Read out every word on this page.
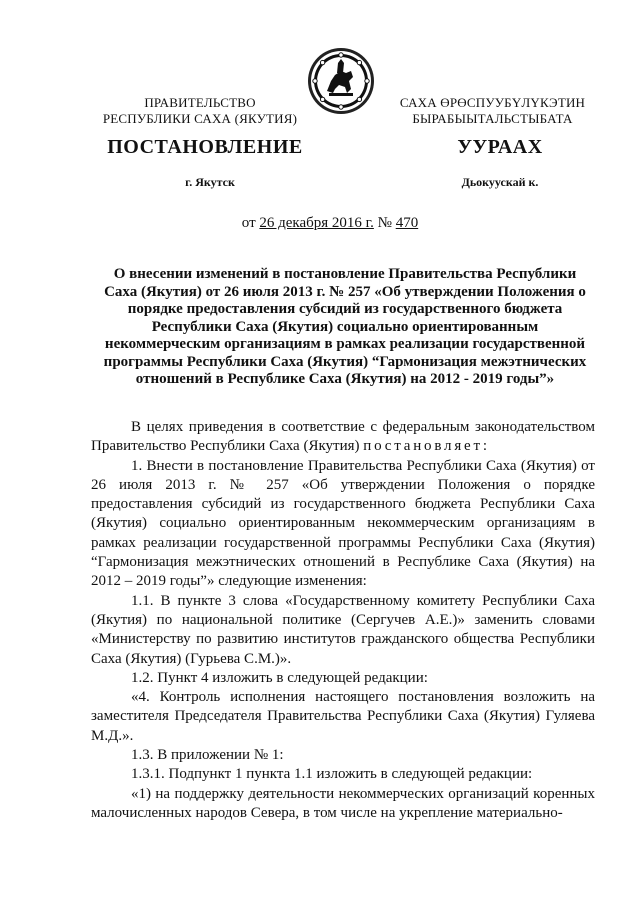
ПРАВИТЕЛЬСТВО
РЕСПУБЛИКИ САХА (ЯКУТИЯ)
САХА ӨРӨСПУУБҮЛҮКЭТИН
БЫРАБЫЫТАЛЬСТЫБАТА
ПОСТАНОВЛЕНИЕ	УУРААХ
г. Якутск	Дьокуускай к.
от 26 декабря 2016 г. № 470
О внесении изменений в постановление Правительства Республики
Саха (Якутия) от 26 июля 2013 г. № 257 «Об утверждении Положения о
порядке предоставления субсидий из государственного бюджета
Республики Саха (Якутия) социально ориентированным
некоммерческим организациям в рамках реализации государственной
программы Республики Саха (Якутия) “Гармонизация межэтнических
отношений в Республике Саха (Якутия) на 2012 - 2019 годы”»

В целях приведения в соответствие с федеральным законодательством Правительство Республики Саха (Якутия) постановляет:

1. Внести в постановление Правительства Республики Саха (Якутия) от 26 июля 2013 г. № 257 «Об утверждении Положения о порядке предоставления субсидий из государственного бюджета Республики Саха (Якутия) социально ориентированным некоммерческим организациям в рамках реализации государственной программы Республики Саха (Якутия) “Гармонизация межэтнических отношений в Республике Саха (Якутия) на 2012 – 2019 годы”» следующие изменения:

1.1. В пункте 3 слова «Государственному комитету Республики Саха (Якутия) по национальной политике (Сергучев А.Е.)» заменить словами «Министерству по развитию институтов гражданского общества Республики Саха (Якутия) (Гурьева С.М.)».

1.2. Пункт 4 изложить в следующей редакции:

«4. Контроль исполнения настоящего постановления возложить на заместителя Председателя Правительства Республики Саха (Якутия) Гуляева М.Д.».

1.3. В приложении № 1:

1.3.1. Подпункт 1 пункта 1.1 изложить в следующей редакции:

«1) на поддержку деятельности некоммерческих организаций коренных малочисленных народов Севера, в том числе на укрепление материально-
